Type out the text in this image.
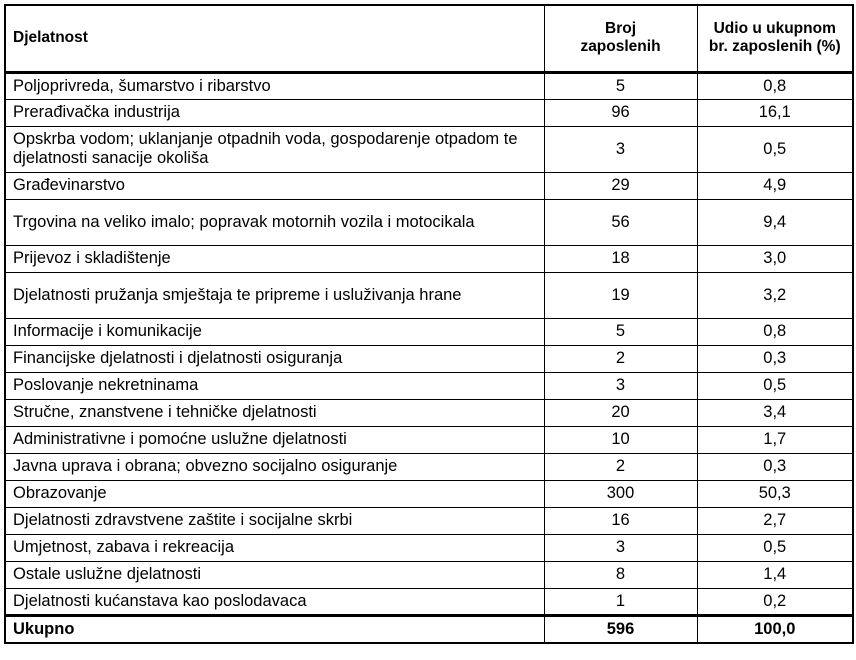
Djelatnost	Broj zaposlenih	Udio u ukupnom br. zaposlenih (%)

Poljoprivreda, šumarstvo i ribarstvo	5	0,8
Prerađivačka industrija	96	16,1
Opskrba vodom; uklanjanje otpadnih voda, gospodarenje otpadom te djelatnosti sanacije okoliša	3	0,5
Građevinarstvo	29	4,9
Trgovina na veliko imalo; popravak motornih vozila i motocikala	56	9,4
Prijevoz i skladištenje	18	3,0
Djelatnosti pružanja smještaja te pripreme i usluživanja hrane	19	3,2
Informacije i komunikacije	5	0,8
Financijske djelatnosti i djelatnosti osiguranja	2	0,3
Poslovanje nekretninama	3	0,5
Stručne, znanstvene i tehničke djelatnosti	20	3,4
Administrativne i pomoćne uslužne djelatnosti	10	1,7
Javna uprava i obrana; obvezno socijalno osiguranje	2	0,3
Obrazovanje	300	50,3
Djelatnosti zdravstvene zaštite i socijalne skrbi	16	2,7
Umjetnost, zabava i rekreacija	3	0,5
Ostale uslužne djelatnosti	8	1,4
Djelatnosti kućanstava kao poslodavaca	1	0,2
Ukupno	596	100,0
